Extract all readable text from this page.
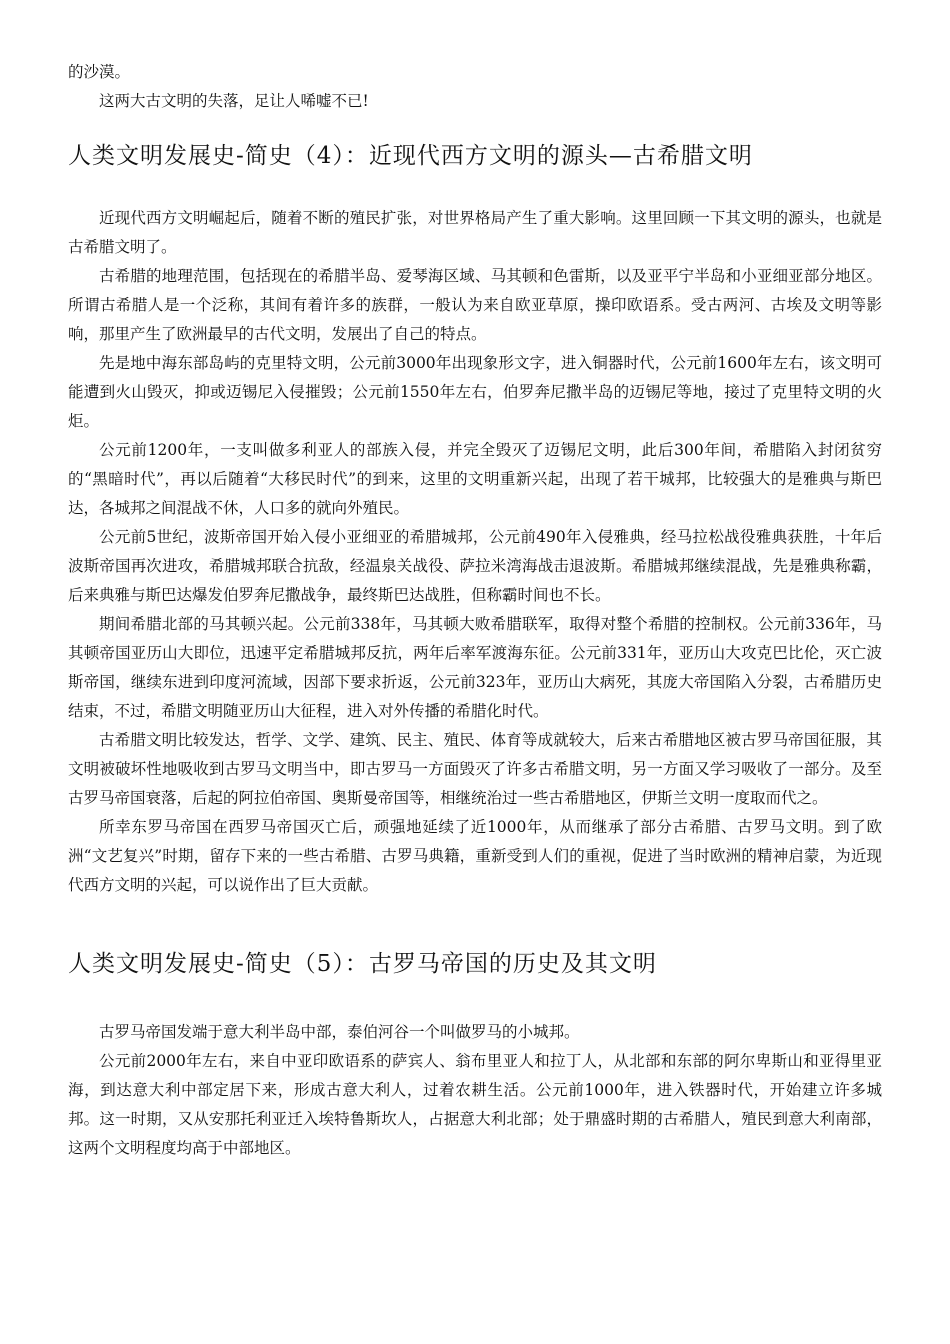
的沙漠。

这两大古文明的失落，足让人唏嘘不已!

人类文明发展史-简史（4）：近现代西方文明的源头—古希腊文明

近现代西方文明崛起后，随着不断的殖民扩张，对世界格局产生了重大影响。这里回顾一下其文明的源头，也就是古希腊文明了。

古希腊的地理范围，包括现在的希腊半岛、爱琴海区域、马其顿和色雷斯，以及亚平宁半岛和小亚细亚部分地区。所谓古希腊人是一个泛称，其间有着许多的族群，一般认为来自欧亚草原，操印欧语系。受古两河、古埃及文明等影响，那里产生了欧洲最早的古代文明，发展出了自己的特点。

先是地中海东部岛屿的克里特文明，公元前3000年出现象形文字，进入铜器时代，公元前1600年左右，该文明可能遭到火山毁灭，抑或迈锡尼入侵摧毁；公元前1550年左右，伯罗奔尼撒半岛的迈锡尼等地，接过了克里特文明的火炬。

公元前1200年，一支叫做多利亚人的部族入侵，并完全毁灭了迈锡尼文明，此后300年间，希腊陷入封闭贫穷的“黑暗时代”，再以后随着“大移民时代”的到来，这里的文明重新兴起，出现了若干城邦，比较强大的是雅典与斯巴达，各城邦之间混战不休，人口多的就向外殖民。

公元前5世纪，波斯帝国开始入侵小亚细亚的希腊城邦，公元前490年入侵雅典，经马拉松战役雅典获胜，十年后波斯帝国再次进攻，希腊城邦联合抗敌，经温泉关战役、萨拉米湾海战击退波斯。希腊城邦继续混战，先是雅典称霸，后来典雅与斯巴达爆发伯罗奔尼撒战争，最终斯巴达战胜，但称霸时间也不长。

期间希腊北部的马其顿兴起。公元前338年，马其顿大败希腊联军，取得对整个希腊的控制权。公元前336年，马其顿帝国亚历山大即位，迅速平定希腊城邦反抗，两年后率军渡海东征。公元前331年，亚历山大攻克巴比伦，灭亡波斯帝国，继续东进到印度河流域，因部下要求折返，公元前323年，亚历山大病死，其庞大帝国陷入分裂，古希腊历史结束，不过，希腊文明随亚历山大征程，进入对外传播的希腊化时代。

古希腊文明比较发达，哲学、文学、建筑、民主、殖民、体育等成就较大，后来古希腊地区被古罗马帝国征服，其文明被破坏性地吸收到古罗马文明当中，即古罗马一方面毁灭了许多古希腊文明，另一方面又学习吸收了一部分。及至古罗马帝国衰落，后起的阿拉伯帝国、奥斯曼帝国等，相继统治过一些古希腊地区，伊斯兰文明一度取而代之。

所幸东罗马帝国在西罗马帝国灭亡后，顽强地延续了近1000年，从而继承了部分古希腊、古罗马文明。到了欧洲“文艺复兴”时期，留存下来的一些古希腊、古罗马典籍，重新受到人们的重视，促进了当时欧洲的精神启蒙，为近现代西方文明的兴起，可以说作出了巨大贡献。

人类文明发展史-简史（5）：古罗马帝国的历史及其文明

古罗马帝国发端于意大利半岛中部，泰伯河谷一个叫做罗马的小城邦。

公元前2000年左右，来自中亚印欧语系的萨宾人、翁布里亚人和拉丁人，从北部和东部的阿尔卑斯山和亚得里亚海，到达意大利中部定居下来，形成古意大利人，过着农耕生活。公元前1000年，进入铁器时代，开始建立许多城邦。这一时期，又从安那托利亚迁入埃特鲁斯坎人，占据意大利北部；处于鼎盛时期的古希腊人，殖民到意大利南部，这两个文明程度均高于中部地区。
